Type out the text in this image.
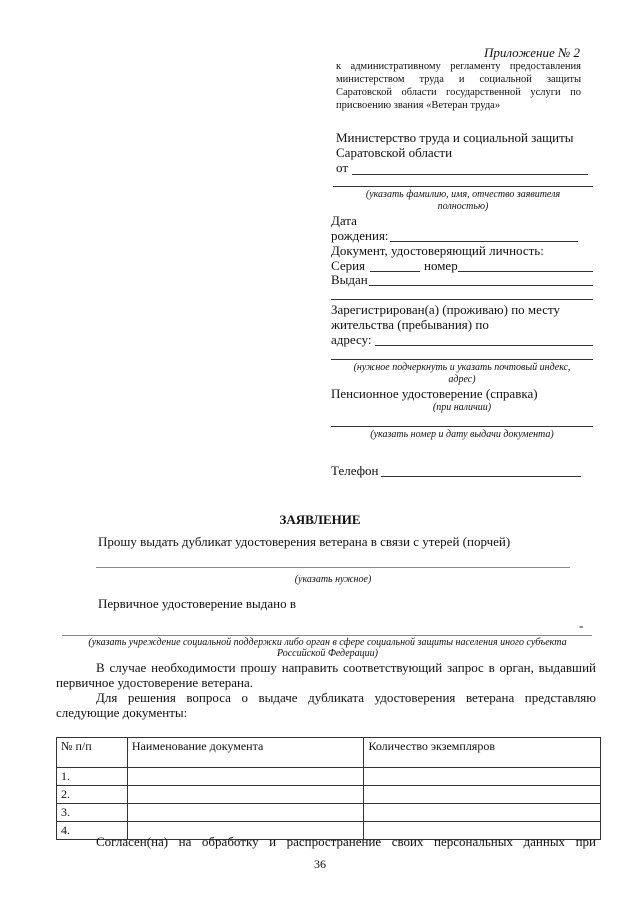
Приложение № 2
к административному регламенту предоставления
министерством труда и социальной защиты
Саратовской области государственной услуги по
присвоению звания «Ветеран труда»
Министерство труда и социальной защиты
Саратовской области
от
(указать фамилию, имя, отчество заявителя
полностью)
Дата
рождения:
Документ, удостоверяющий личность:
Серия	номер
Выдан
Зарегистрирован(а) (проживаю) по месту
жительства (пребывания) по
адресу:
(нужное подчеркнуть и указать почтовый индекс,
адрес)
Пенсионное удостоверение (справка)
(при наличии)
(указать номер и дату выдачи документа)
Телефон
ЗАЯВЛЕНИЕ
Прошу выдать дубликат удостоверения ветерана в связи с утерей (порчей)
(указать нужное)
Первичное удостоверение выдано в
-
(указать учреждение социальной поддержки либо орган в сфере социальной защиты населения иного субъекта
Российской Федерации)
В случае необходимости прошу направить соответствующий запрос в орган, выдавший
первичное удостоверение ветерана.
Для решения вопроса о выдаче дубликата удостоверения ветерана представляю
следующие документы:
№ п/п	Наименование документа	Количество экземпляров
1.		
2.		
3.		
4.		
Согласен(на) на обработку и распространение своих персональных данных при
36
